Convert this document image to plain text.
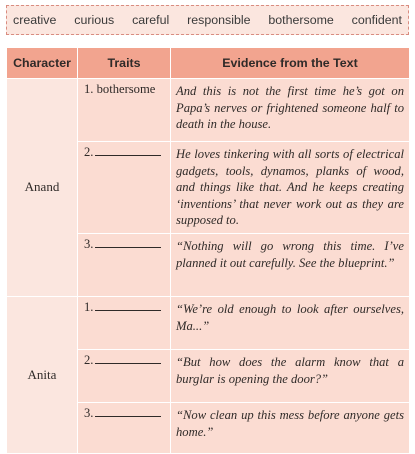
creative curious careful responsible bothersome confident
Character	Traits	Evidence from the Text
Anand	1. bothersome	And this is not the first time he’s got on Papa’s nerves or frightened someone half to death in the house.
	2.	He loves tinkering with all sorts of electrical gadgets, tools, dynamos, planks of wood, and things like that. And he keeps creating ‘inventions’ that never work out as they are supposed to.
	3.	“Nothing will go wrong this time. I’ve planned it out carefully. See the blueprint.”
Anita	1.	“We’re old enough to look after ourselves, Ma...”
	2.	“But how does the alarm know that a burglar is opening the door?”
	3.	“Now clean up this mess before anyone gets home.”
